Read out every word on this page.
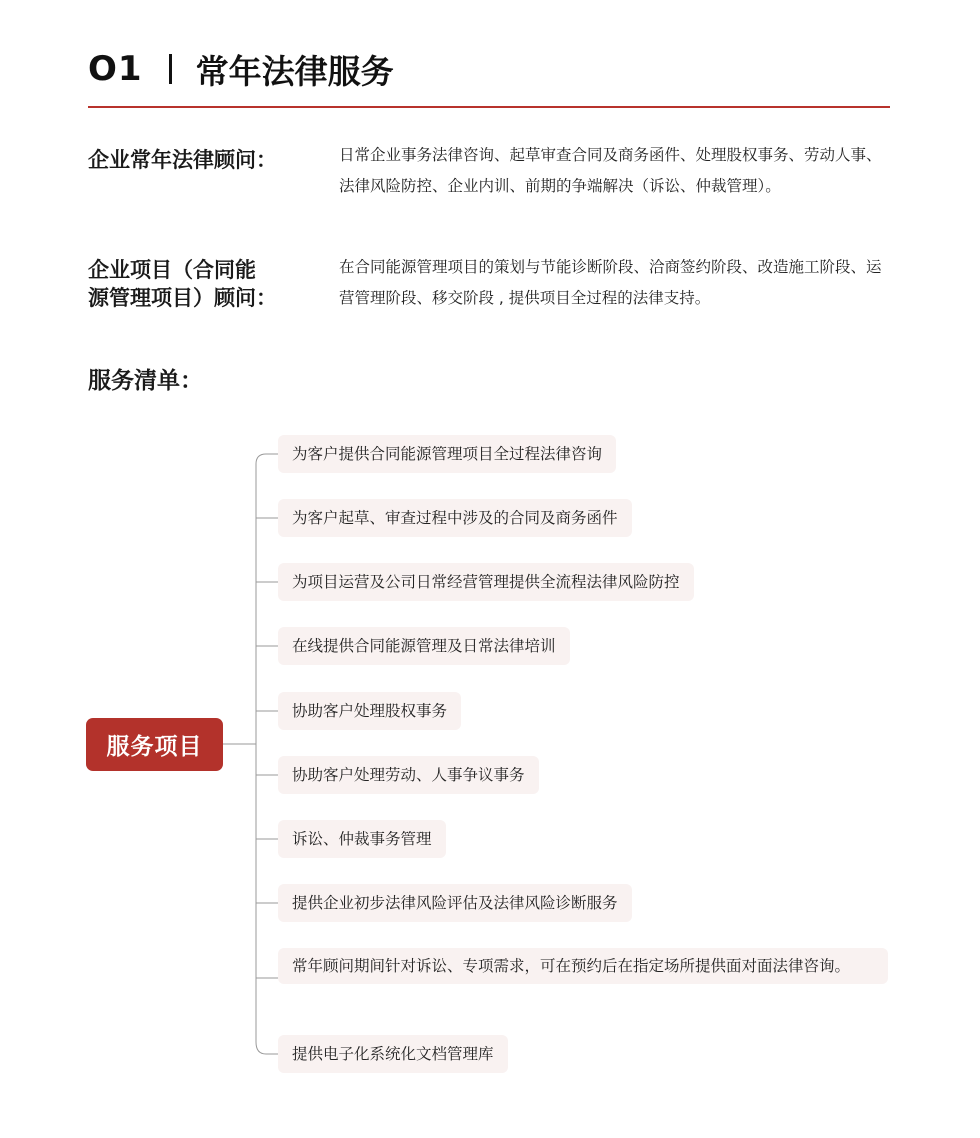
O1 常年法律服务
企业常年法律顾问：	日常企业事务法律咨询、起草审查合同及商务函件、处理股权事务、劳动人事、法律风险防控、企业内训、前期的争端解决（诉讼、仲裁管理）。
企业项目（合同能
源管理项目）顾问：
在合同能源管理项目的策划与节能诊断阶段、洽商签约阶段、改造施工阶段、运营管理阶段、移交阶段 , 提供项目全过程的法律支持。
服务清单：
服务项目
为客户提供合同能源管理项目全过程法律咨询
为客户起草、审查过程中涉及的合同及商务函件
为项目运营及公司日常经营管理提供全流程法律风险防控
在线提供合同能源管理及日常法律培训
协助客户处理股权事务
协助客户处理劳动、人事争议事务
诉讼、仲裁事务管理
提供企业初步法律风险评估及法律风险诊断服务
常年顾问期间针对诉讼、专项需求，可在预约后在指定场所提供面对面法律咨询。
提供电子化系统化文档管理库
